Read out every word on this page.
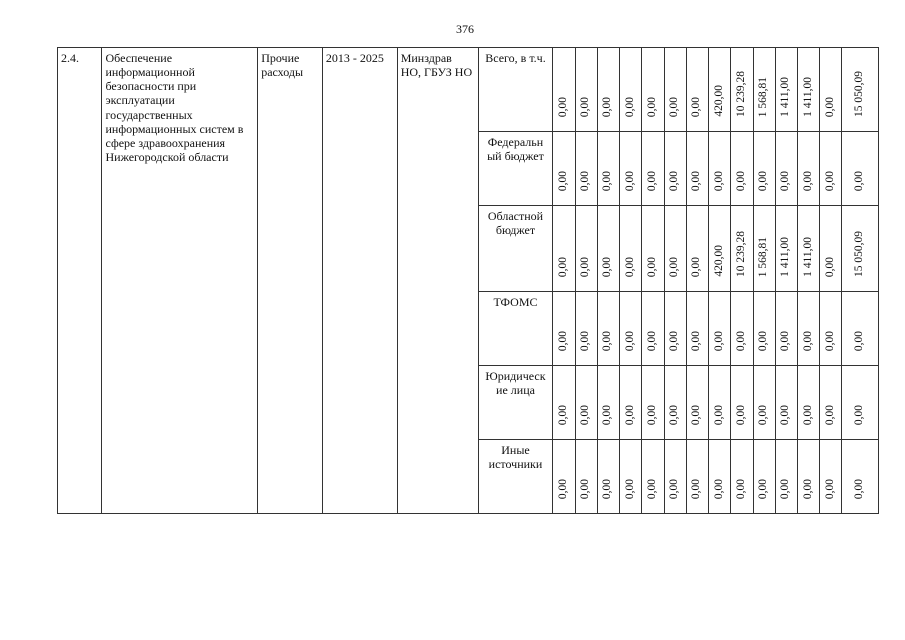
376
2.4.	Обеспечение информационной безопасности при эксплуатации государственных информационных систем в сфере здравоохранения Нижегородской области	Прочие расходы	2013 - 2025	Минздрав НО, ГБУЗ НО	Всего, в т.ч.	0,00	0,00	0,00	0,00	0,00	0,00	0,00	420,00	10 239,28	1 568,81	1 411,00	1 411,00	0,00	15 050,09

					Федеральн ый бюджет	0,00	0,00	0,00	0,00	0,00	0,00	0,00	0,00	0,00	0,00	0,00	0,00	0,00	0,00

					Областной бюджет	0,00	0,00	0,00	0,00	0,00	0,00	0,00	420,00	10 239,28	1 568,81	1 411,00	1 411,00	0,00	15 050,09

					ТФОМС	0,00	0,00	0,00	0,00	0,00	0,00	0,00	0,00	0,00	0,00	0,00	0,00	0,00	0,00

					Юридическ ие лица	0,00	0,00	0,00	0,00	0,00	0,00	0,00	0,00	0,00	0,00	0,00	0,00	0,00	0,00

					Иные источники	0,00	0,00	0,00	0,00	0,00	0,00	0,00	0,00	0,00	0,00	0,00	0,00	0,00	0,00
